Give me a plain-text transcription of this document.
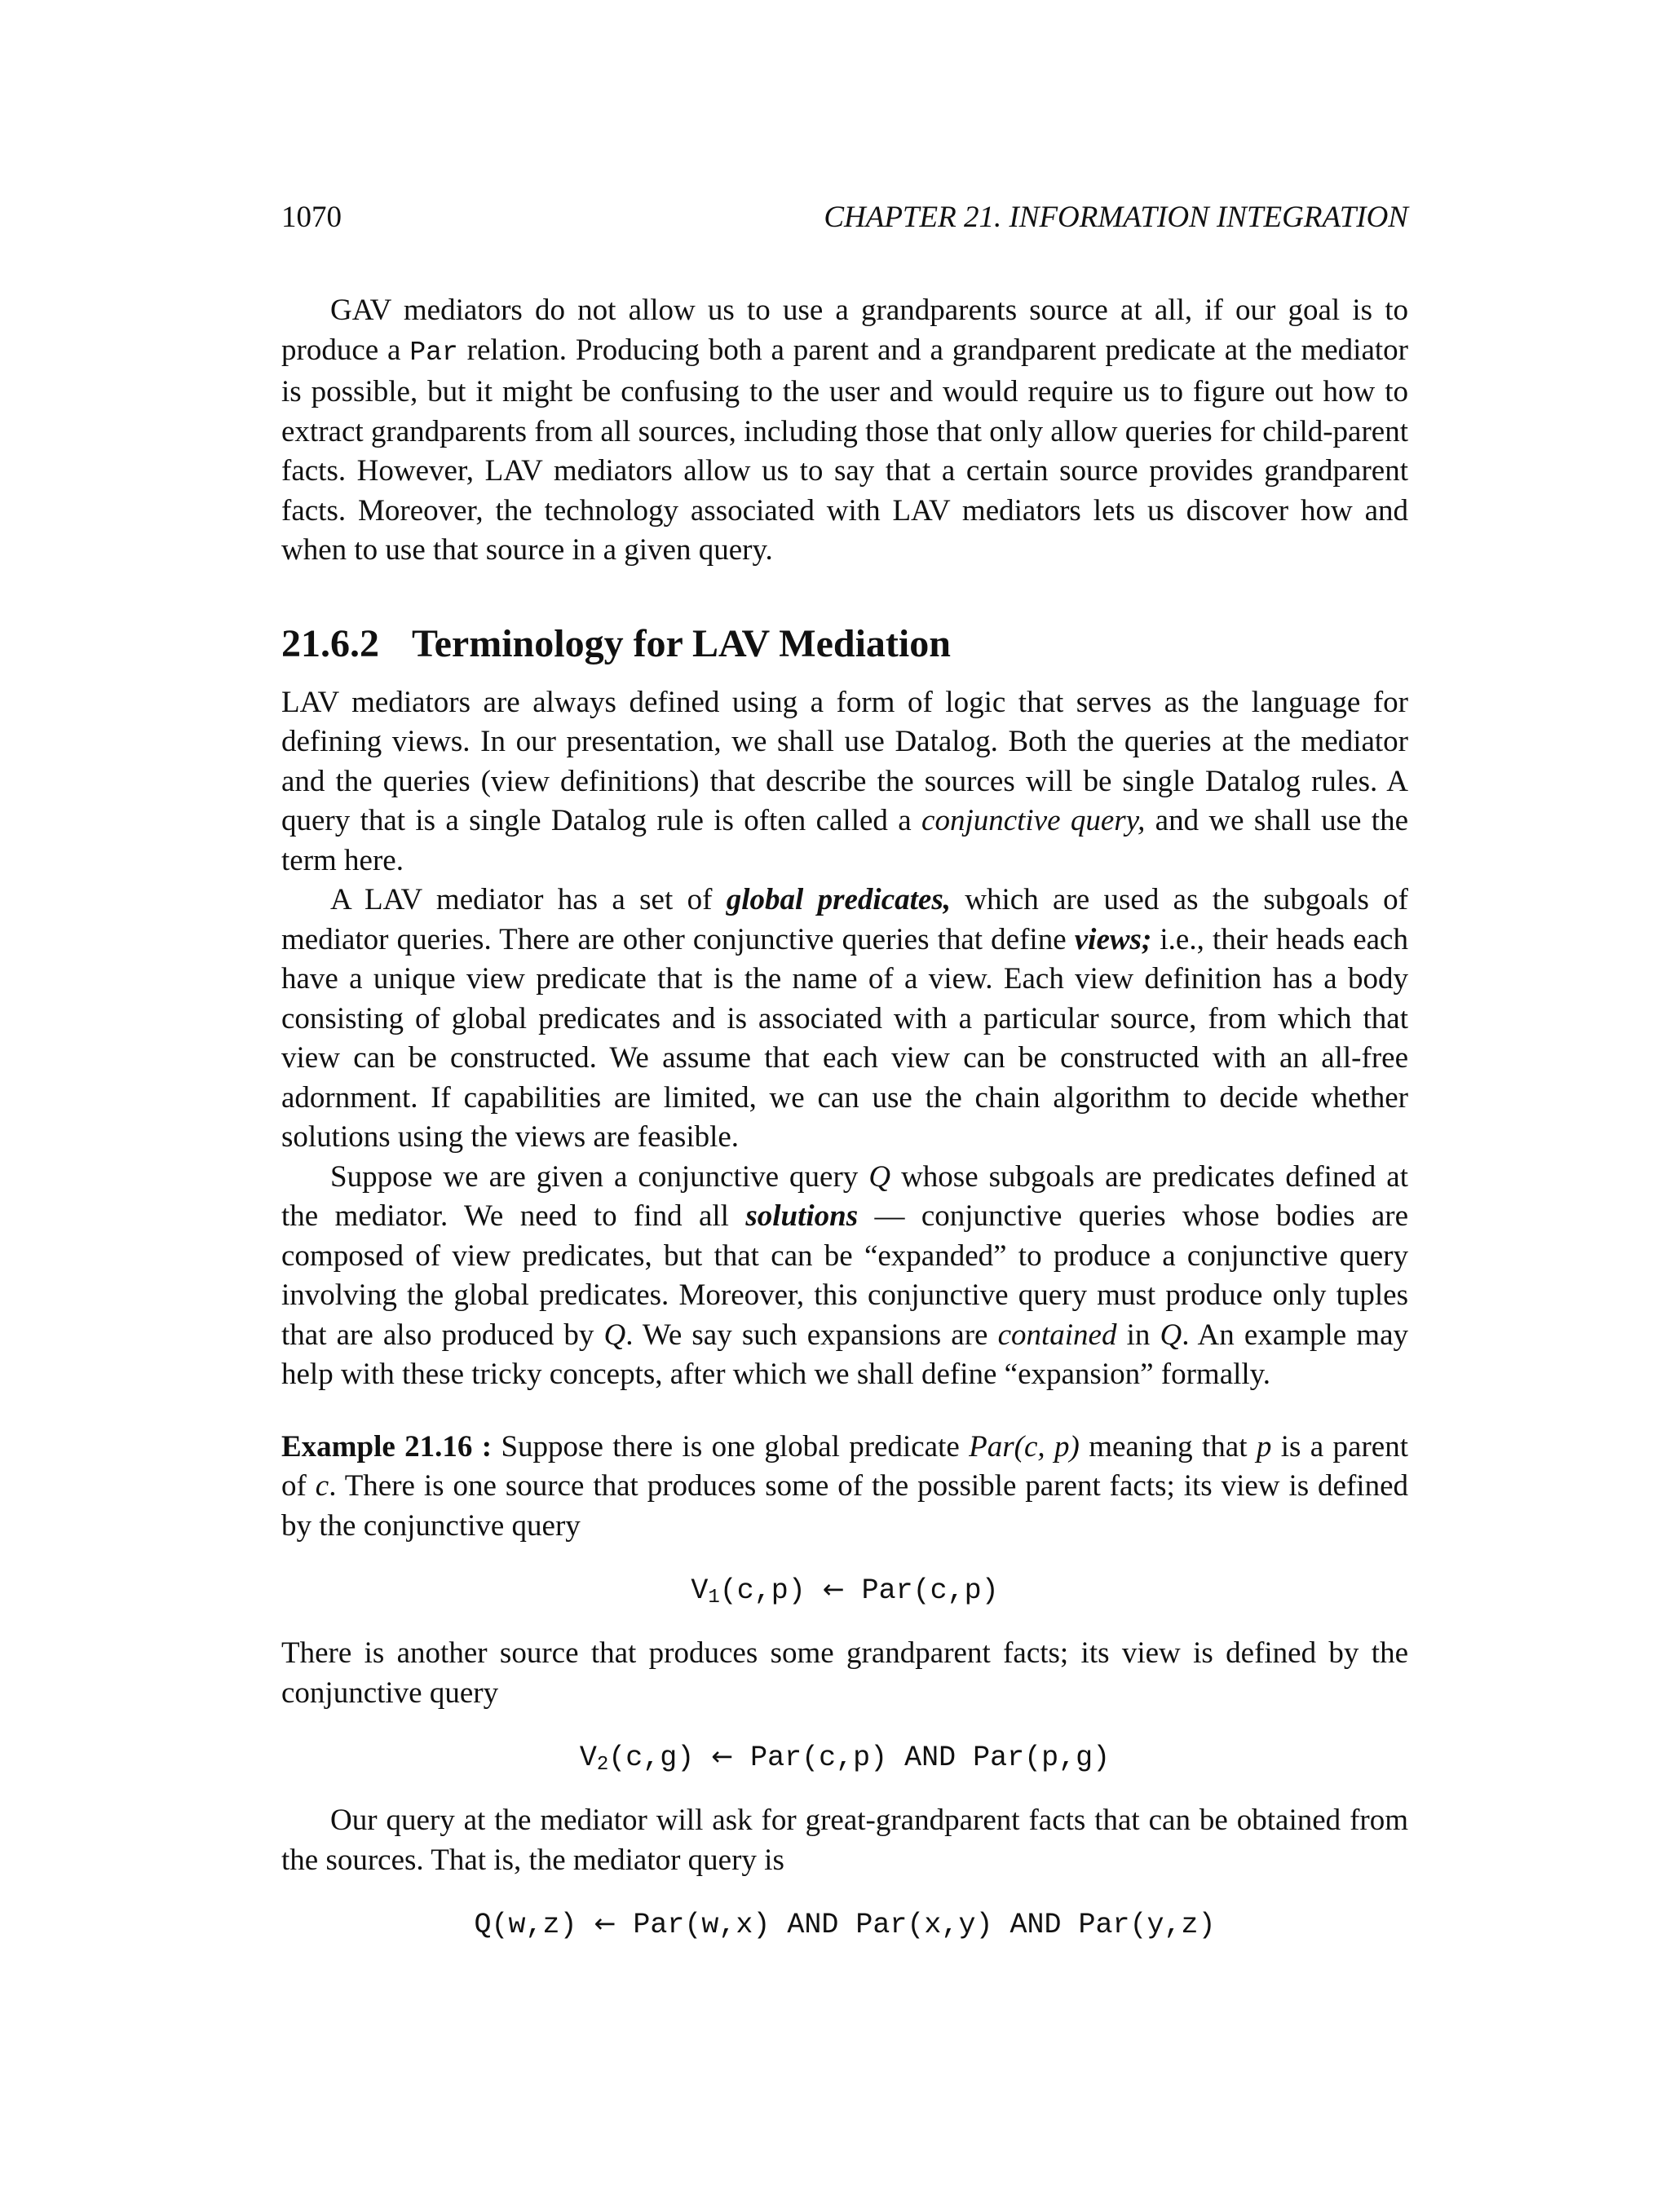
1070	CHAPTER 21. INFORMATION INTEGRATION

GAV mediators do not allow us to use a grandparents source at all, if our goal is to produce a Par relation. Producing both a parent and a grandparent predicate at the mediator is possible, but it might be confusing to the user and would require us to figure out how to extract grandparents from all sources, including those that only allow queries for child-parent facts. However, LAV mediators allow us to say that a certain source provides grandparent facts. Moreover, the technology associated with LAV mediators lets us discover how and when to use that source in a given query.

21.6.2 Terminology for LAV Mediation

LAV mediators are always defined using a form of logic that serves as the language for defining views. In our presentation, we shall use Datalog. Both the queries at the mediator and the queries (view definitions) that describe the sources will be single Datalog rules. A query that is a single Datalog rule is often called a conjunctive query, and we shall use the term here.

A LAV mediator has a set of global predicates, which are used as the subgoals of mediator queries. There are other conjunctive queries that define views; i.e., their heads each have a unique view predicate that is the name of a view. Each view definition has a body consisting of global predicates and is associated with a particular source, from which that view can be constructed. We assume that each view can be constructed with an all-free adornment. If capabilities are limited, we can use the chain algorithm to decide whether solutions using the views are feasible.

Suppose we are given a conjunctive query Q whose subgoals are predicates defined at the mediator. We need to find all solutions — conjunctive queries whose bodies are composed of view predicates, but that can be “expanded” to produce a conjunctive query involving the global predicates. Moreover, this conjunctive query must produce only tuples that are also produced by Q. We say such expansions are contained in Q. An example may help with these tricky concepts, after which we shall define “expansion” formally.

Example 21.16 : Suppose there is one global predicate Par(c, p) meaning that p is a parent of c. There is one source that produces some of the possible parent facts; its view is defined by the conjunctive query

$V_1(c,p)$ ← Par(c,p)

There is another source that produces some grandparent facts; its view is defined by the conjunctive query

$V_2(c,g)$ ← Par(c,p) AND Par(p,g)

Our query at the mediator will ask for great-grandparent facts that can be obtained from the sources. That is, the mediator query is

Q(w,z) ← Par(w,x) AND Par(x,y) AND Par(y,z)
